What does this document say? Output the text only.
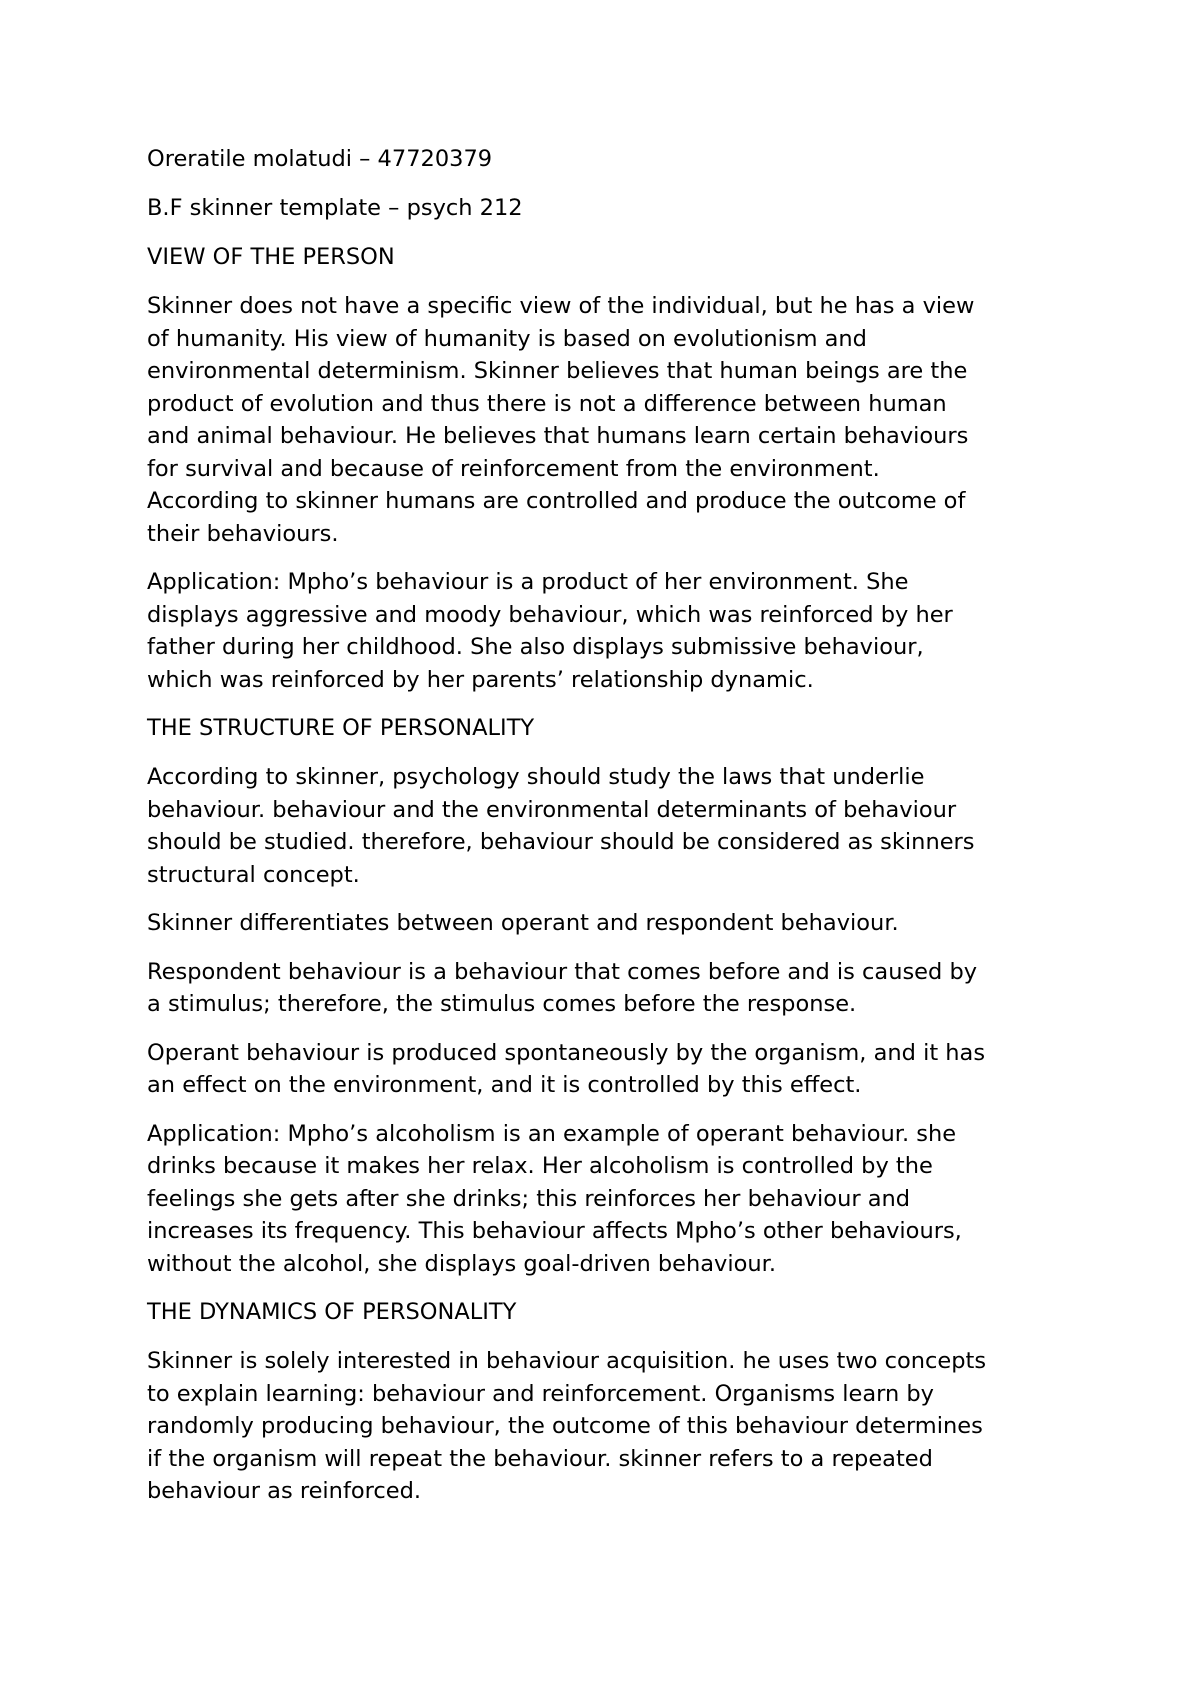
Oreratile molatudi – 47720379

B.F skinner template – psych 212

VIEW OF THE PERSON

Skinner does not have a specific view of the individual, but he has a view

of humanity. His view of humanity is based on evolutionism and

environmental determinism. Skinner believes that human beings are the

product of evolution and thus there is not a difference between human

and animal behaviour. He believes that humans learn certain behaviours

for survival and because of reinforcement from the environment.

According to skinner humans are controlled and produce the outcome of

their behaviours.

Application: Mpho’s behaviour is a product of her environment. She

displays aggressive and moody behaviour, which was reinforced by her

father during her childhood. She also displays submissive behaviour,

which was reinforced by her parents’ relationship dynamic.

THE STRUCTURE OF PERSONALITY

According to skinner, psychology should study the laws that underlie

behaviour. behaviour and the environmental determinants of behaviour

should be studied. therefore, behaviour should be considered as skinners

structural concept.

Skinner differentiates between operant and respondent behaviour.

Respondent behaviour is a behaviour that comes before and is caused by

a stimulus; therefore, the stimulus comes before the response.

Operant behaviour is produced spontaneously by the organism, and it has

an effect on the environment, and it is controlled by this effect.

Application: Mpho’s alcoholism is an example of operant behaviour. she

drinks because it makes her relax. Her alcoholism is controlled by the

feelings she gets after she drinks; this reinforces her behaviour and

increases its frequency. This behaviour affects Mpho’s other behaviours,

without the alcohol, she displays goal-driven behaviour.

THE DYNAMICS OF PERSONALITY

Skinner is solely interested in behaviour acquisition. he uses two concepts

to explain learning: behaviour and reinforcement. Organisms learn by

randomly producing behaviour, the outcome of this behaviour determines

if the organism will repeat the behaviour. skinner refers to a repeated

behaviour as reinforced.
